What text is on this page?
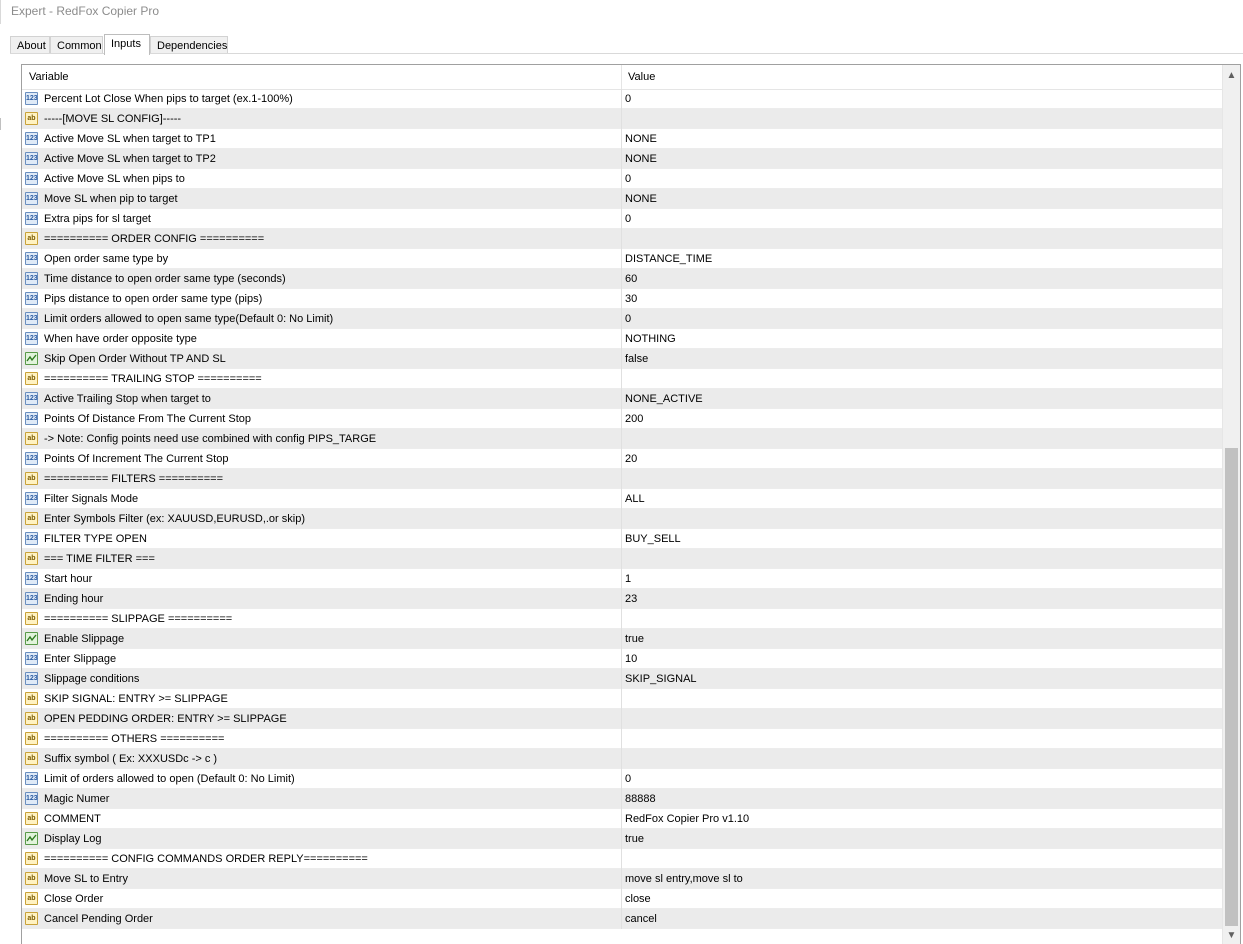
Expert - RedFox Copier Pro
About	Common Inputs	Dependencies
Variable	Value
123 Percent Lot Close When pips to target (ex.1-100%)	0
ab -----[MOVE SL CONFIG]-----
123 Active Move SL when target to TP1	NONE
123 Active Move SL when target to TP2	NONE
123 Active Move SL when pips to	0
123 Move SL when pip to target	NONE
123 Extra pips for sl target	0
ab ========== ORDER CONFIG ==========
123 Open order same type by	DISTANCE_TIME
123 Time distance to open order same type (seconds)	60
123 Pips distance to open order same type (pips)	30
123 Limit orders allowed to open same type(Default 0: No Limit)	0
123 When have order opposite type	NOTHING
Skip Open Order Without TP AND SL	false
ab ========== TRAILING STOP ==========
123 Active Trailing Stop when target to	NONE_ACTIVE
123 Points Of Distance From The Current Stop	200
ab -> Note: Config points need use combined with config PIPS_TARGE
123 Points Of Increment The Current Stop	20
ab ========== FILTERS ==========
123 Filter Signals Mode	ALL
ab Enter Symbols Filter (ex: XAUUSD,EURUSD,.or skip)
123 FILTER TYPE OPEN	BUY_SELL
ab === TIME FILTER ===
123 Start hour	1
123 Ending hour	23
ab ========== SLIPPAGE ==========
Enable Slippage	true
123 Enter Slippage	10
123 Slippage conditions	SKIP_SIGNAL
ab SKIP SIGNAL: ENTRY >= SLIPPAGE
ab OPEN PEDDING ORDER: ENTRY >= SLIPPAGE
ab ========== OTHERS ==========
ab Suffix symbol ( Ex: XXXUSDc -> c )
123 Limit of orders allowed to open (Default 0: No Limit)	0
123 Magic Numer	88888
ab COMMENT	RedFox Copier Pro v1.10
Display Log	true
ab ========== CONFIG COMMANDS ORDER REPLY==========
ab Move SL to Entry	move sl entry,move sl to
ab Close Order	close
ab Cancel Pending Order	cancel
▲
▼
